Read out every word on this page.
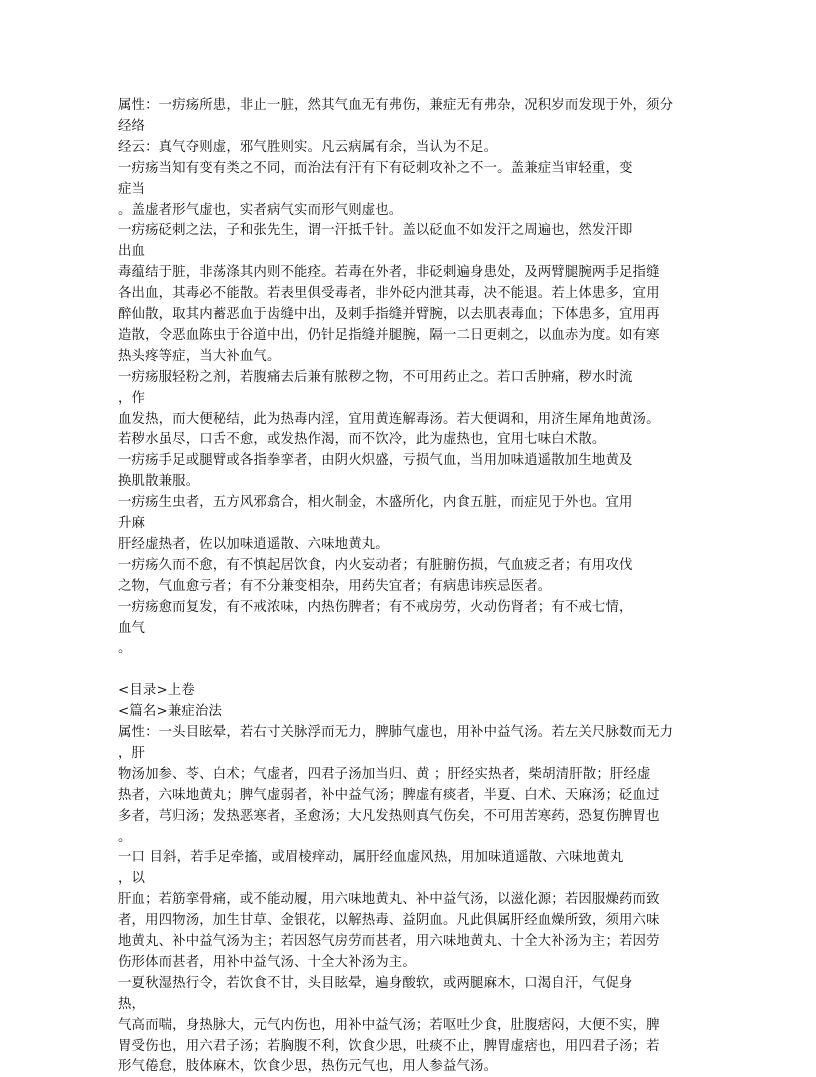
属性：一疠疡所患，非止一脏，然其气血无有弗伤，兼症无有弗杂，况积岁而发现于外，须分

经络

经云：真气夺则虚，邪气胜则实。凡云病属有余，当认为不足。

一疠疡当知有变有类之不同，而治法有汗有下有砭刺攻补之不一。盖兼症当审轻重，变

症当

。盖虚者形气虚也，实者病气实而形气则虚也。

一疠疡砭刺之法，子和张先生，谓一汗抵千针。盖以砭血不如发汗之周遍也，然发汗即

出血

毒蕴结于脏，非荡涤其内则不能痊。若毒在外者，非砭刺遍身患处，及两臂腿腕两手足指缝

各出血，其毒必不能散。若表里俱受毒者，非外砭内泄其毒，决不能退。若上体患多，宜用

醉仙散，取其内蓄恶血于齿缝中出，及刺手指缝并臂腕，以去肌表毒血；下体患多，宜用再

造散，令恶血陈虫于谷道中出，仍针足指缝并腿腕，隔一二日更刺之，以血赤为度。如有寒

热头疼等症，当大补血气。

一疠疡服轻粉之剂，若腹痛去后兼有脓秽之物，不可用药止之。若口舌肿痛，秽水时流

，作

血发热，而大便秘结，此为热毒内淫，宜用黄连解毒汤。若大便调和，用济生犀角地黄汤。

若秽水虽尽，口舌不愈，或发热作渴，而不饮冷，此为虚热也，宜用七味白术散。

一疠疡手足或腿臂或各指拳挛者，由阴火炽盛，亏损气血，当用加味逍遥散加生地黄及

换肌散兼服。

一疠疡生虫者，五方风邪翕合，相火制金，木盛所化，内食五脏，而症见于外也。宜用

升麻

肝经虚热者，佐以加味逍遥散、六味地黄丸。

一疠疡久而不愈，有不慎起居饮食，内火妄动者；有脏腑伤损，气血疲乏者；有用攻伐

之物，气血愈亏者；有不分兼变相杂，用药失宜者；有病患讳疾忌医者。

一疠疡愈而复发，有不戒浓味，内热伤脾者；有不戒房劳，火动伤肾者；有不戒七情，

血气

。

<目录>上卷

<篇名>兼症治法

属性：一头目眩晕，若右寸关脉浮而无力，脾肺气虚也，用补中益气汤。若左关尺脉数而无力

，肝

物汤加参、苓、白术；气虚者，四君子汤加当归、黄 ；肝经实热者，柴胡清肝散；肝经虚

热者，六味地黄丸；脾气虚弱者，补中益气汤；脾虚有痰者，半夏、白术、天麻汤；砭血过

多者，芎归汤；发热恶寒者，圣愈汤；大凡发热则真气伤矣，不可用苦寒药，恐复伤脾胃也

。

一口 目斜，若手足牵搐，或眉棱痒动，属肝经血虚风热，用加味逍遥散、六味地黄丸

，以

肝血；若筋挛骨痛，或不能动履，用六味地黄丸、补中益气汤，以滋化源；若因服燥药而致

者，用四物汤，加生甘草、金银花，以解热毒、益阴血。凡此俱属肝经血燥所致，须用六味

地黄丸、补中益气汤为主；若因怒气房劳而甚者，用六味地黄丸、十全大补汤为主；若因劳

伤形体而甚者，用补中益气汤、十全大补汤为主。

一夏秋湿热行令，若饮食不甘，头目眩晕，遍身酸软，或两腿麻木，口渴自汗，气促身

热，

气高而喘，身热脉大，元气内伤也，用补中益气汤；若呕吐少食，肚腹痞闷，大便不实，脾

胃受伤也，用六君子汤；若胸腹不利，饮食少思，吐痰不止，脾胃虚痞也，用四君子汤；若

形气倦怠，肢体麻木，饮食少思，热伤元气也，用人参益气汤。
